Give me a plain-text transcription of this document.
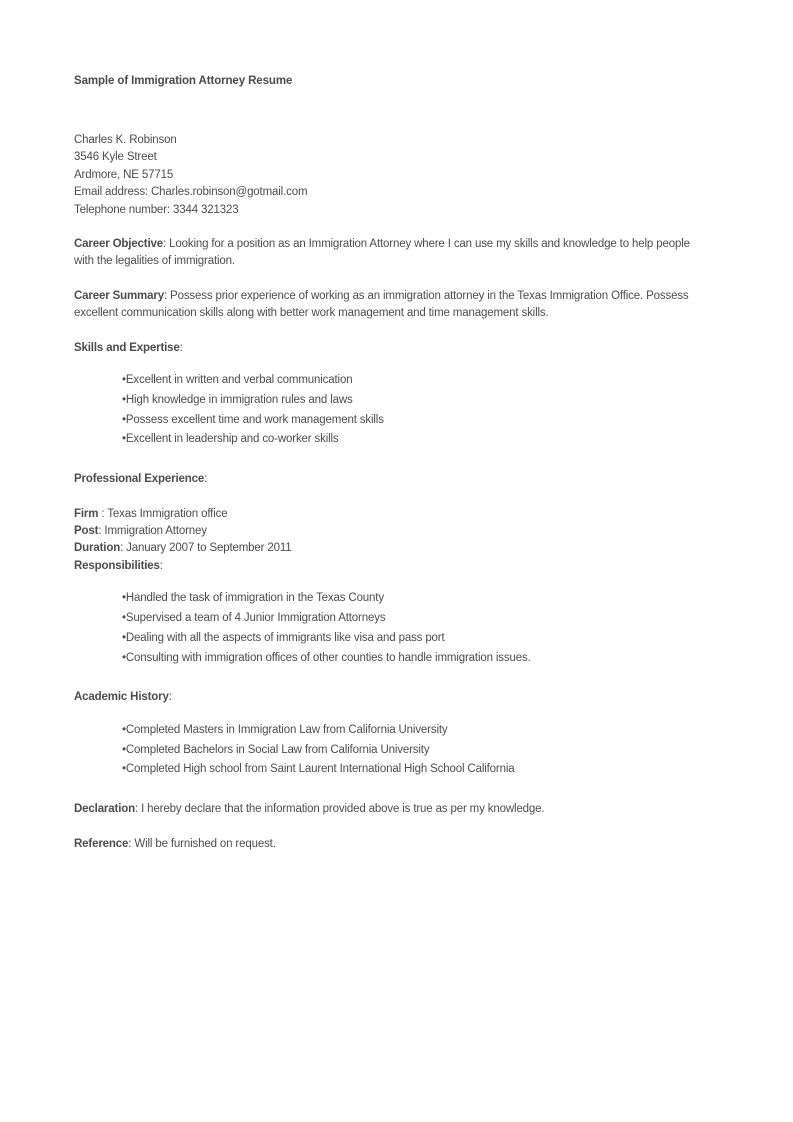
Sample of Immigration Attorney Resume
Charles K. Robinson
3546 Kyle Street
Ardmore, NE 57715
Email address: Charles.robinson@gotmail.com
Telephone number: 3344 321323
Career Objective: Looking for a position as an Immigration Attorney where I can use my skills and knowledge to help people with the legalities of immigration.
Career Summary: Possess prior experience of working as an immigration attorney in the Texas Immigration Office. Possess excellent communication skills along with better work management and time management skills.
Skills and Expertise:
•Excellent in written and verbal communication
•High knowledge in immigration rules and laws
•Possess excellent time and work management skills
•Excellent in leadership and co-worker skills
Professional Experience:
Firm : Texas Immigration office
Post: Immigration Attorney
Duration: January 2007 to September 2011
Responsibilities:
•Handled the task of immigration in the Texas County
•Supervised a team of 4 Junior Immigration Attorneys
•Dealing with all the aspects of immigrants like visa and pass port
•Consulting with immigration offices of other counties to handle immigration issues.
Academic History:
•Completed Masters in Immigration Law from California University
•Completed Bachelors in Social Law from California University
•Completed High school from Saint Laurent International High School California
Declaration: I hereby declare that the information provided above is true as per my knowledge.
Reference: Will be furnished on request.
